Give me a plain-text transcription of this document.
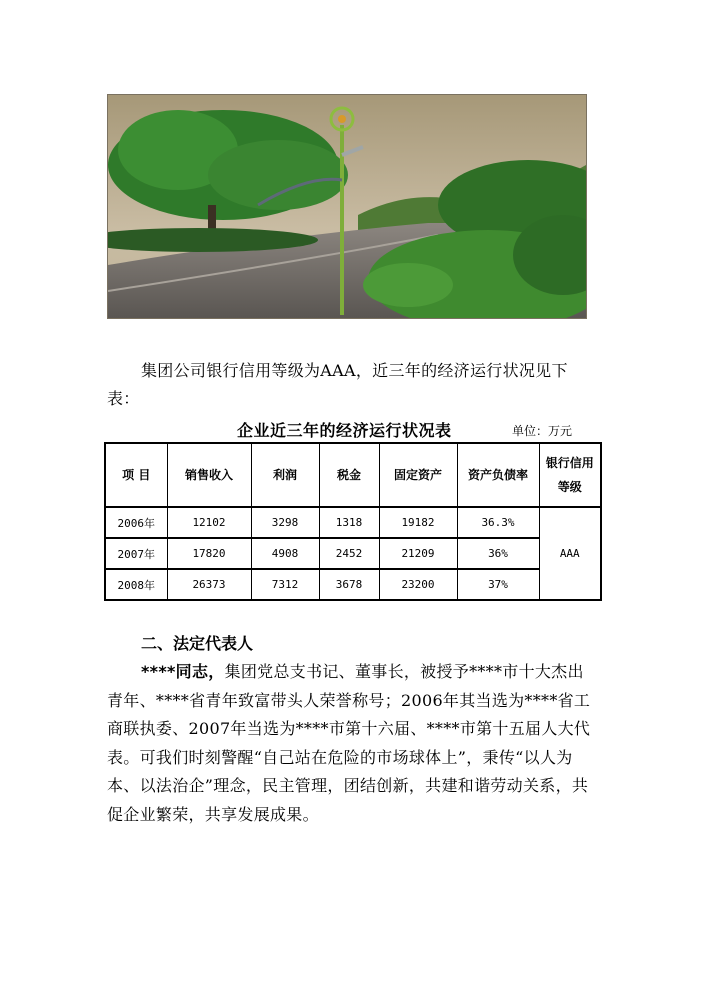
集团公司银行信用等级为AAA，近三年的经济运行状况见下表：

企业近三年的经济运行状况表	单位：万元
项 目	销售收入	利润	税金	固定资产	资产负债率	银行信用等级
2006年	12102	3298	1318	19182	36.3%	AAA
2007年	17820	4908	2452	21209	36%	
2008年	26373	7312	3678	23200	37%	
二、法定代表人

****同志，集团党总支书记、董事长，被授予****市十大杰出青年、****省青年致富带头人荣誉称号；2006年其当选为****省工商联执委、2007年当选为****市第十六届、****市第十五届人大代表。可我们时刻警醒“自己站在危险的市场球体上”，秉传“以人为本、以法治企”理念，民主管理，团结创新，共建和谐劳动关系，共促企业繁荣，共享发展成果。
